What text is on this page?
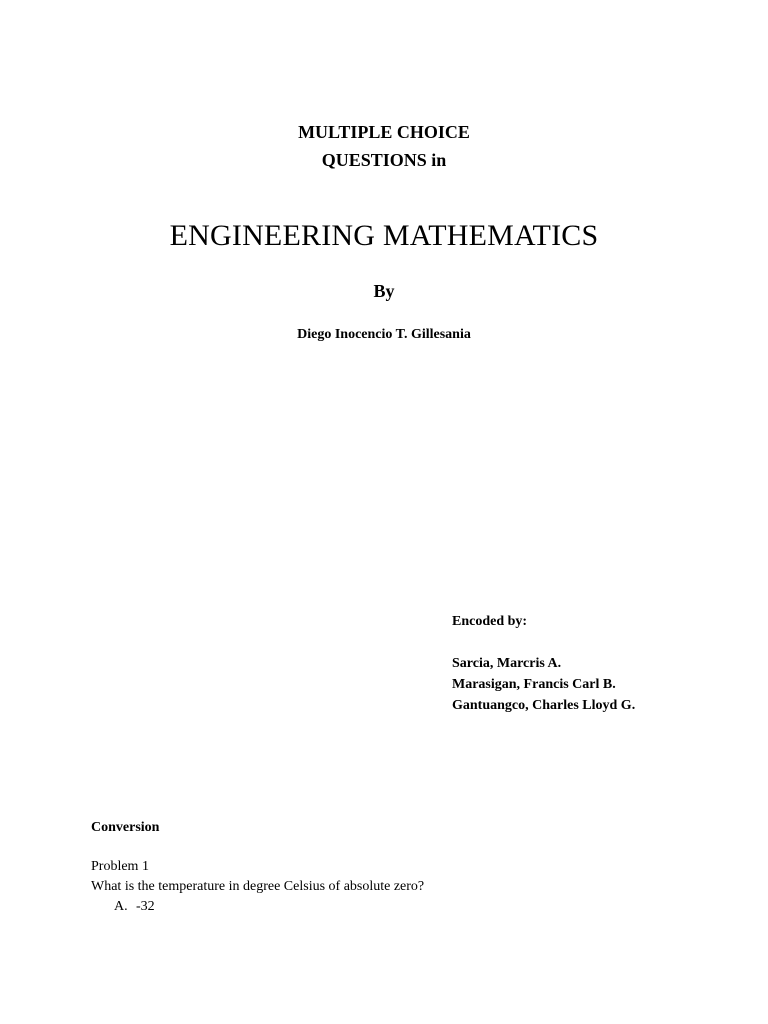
MULTIPLE CHOICE
QUESTIONS in
ENGINEERING MATHEMATICS
By
Diego Inocencio T. Gillesania
Encoded by:
Sarcia, Marcris A.
Marasigan, Francis Carl B.
Gantuangco, Charles Lloyd G.
Conversion
Problem 1
What is the temperature in degree Celsius of absolute zero?
A. -32
